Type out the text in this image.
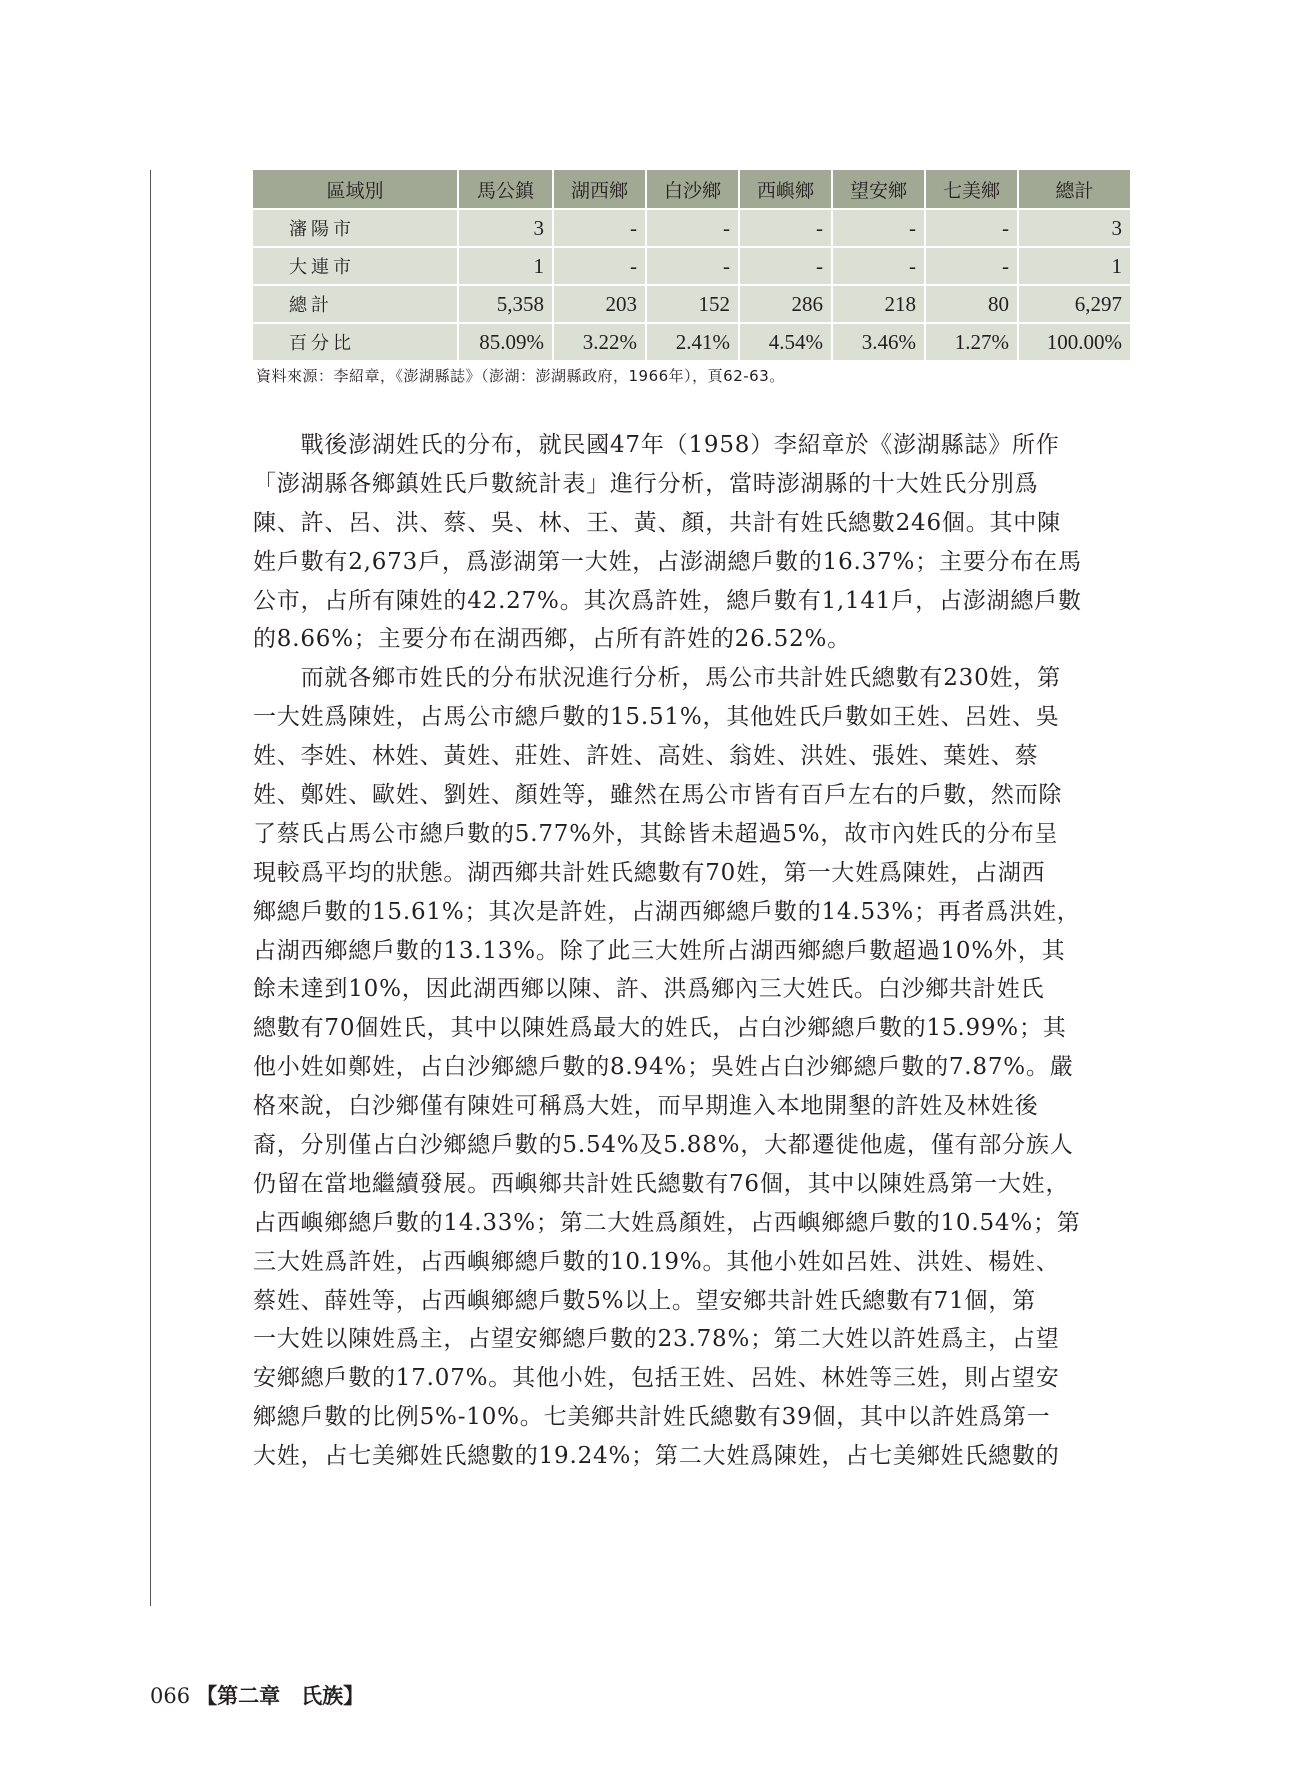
區域別	馬公鎮	湖西鄉	白沙鄉	西嶼鄉	望安鄉	七美鄉	總計
瀋陽市	3	-	-	-	-	-	3
大連市	1	-	-	-	-	-	1
總計	5,358	203	152	286	218	80	6,297
百分比	85.09%	3.22%	2.41%	4.54%	3.46%	1.27%	100.00%
資料來源：李紹章，《澎湖縣誌》（澎湖：澎湖縣政府，1966年），頁62-63。
　　戰後澎湖姓氏的分布，就民國47年（1958）李紹章於《澎湖縣誌》所作
「澎湖縣各鄉鎮姓氏戶數統計表」進行分析，當時澎湖縣的十大姓氏分別爲
陳、許、呂、洪、蔡、吳、林、王、黃、顏，共計有姓氏總數246個。其中陳
姓戶數有2,673戶，爲澎湖第一大姓，占澎湖總戶數的16.37%；主要分布在馬
公市，占所有陳姓的42.27%。其次爲許姓，總戶數有1,141戶，占澎湖總戶數
的8.66%；主要分布在湖西鄉，占所有許姓的26.52%。
　　而就各鄉市姓氏的分布狀況進行分析，馬公市共計姓氏總數有230姓，第
一大姓爲陳姓，占馬公市總戶數的15.51%，其他姓氏戶數如王姓、呂姓、吳
姓、李姓、林姓、黃姓、莊姓、許姓、高姓、翁姓、洪姓、張姓、葉姓、蔡
姓、鄭姓、歐姓、劉姓、顏姓等，雖然在馬公市皆有百戶左右的戶數，然而除
了蔡氏占馬公市總戶數的5.77%外，其餘皆未超過5%，故市內姓氏的分布呈
現較爲平均的狀態。湖西鄉共計姓氏總數有70姓，第一大姓爲陳姓，占湖西
鄉總戶數的15.61%；其次是許姓，占湖西鄉總戶數的14.53%；再者爲洪姓，
占湖西鄉總戶數的13.13%。除了此三大姓所占湖西鄉總戶數超過10%外，其
餘未達到10%，因此湖西鄉以陳、許、洪爲鄉內三大姓氏。白沙鄉共計姓氏
總數有70個姓氏，其中以陳姓爲最大的姓氏，占白沙鄉總戶數的15.99%；其
他小姓如鄭姓，占白沙鄉總戶數的8.94%；吳姓占白沙鄉總戶數的7.87%。嚴
格來說，白沙鄉僅有陳姓可稱爲大姓，而早期進入本地開墾的許姓及林姓後
裔，分別僅占白沙鄉總戶數的5.54%及5.88%，大都遷徙他處，僅有部分族人
仍留在當地繼續發展。西嶼鄉共計姓氏總數有76個，其中以陳姓爲第一大姓，
占西嶼鄉總戶數的14.33%；第二大姓爲顏姓，占西嶼鄉總戶數的10.54%；第
三大姓爲許姓，占西嶼鄉總戶數的10.19%。其他小姓如呂姓、洪姓、楊姓、
蔡姓、薛姓等，占西嶼鄉總戶數5%以上。望安鄉共計姓氏總數有71個，第
一大姓以陳姓爲主，占望安鄉總戶數的23.78%；第二大姓以許姓爲主，占望
安鄉總戶數的17.07%。其他小姓，包括王姓、呂姓、林姓等三姓，則占望安
鄉總戶數的比例5%-10%。七美鄉共計姓氏總數有39個，其中以許姓爲第一
大姓，占七美鄉姓氏總數的19.24%；第二大姓爲陳姓，占七美鄉姓氏總數的
066 【第二章　氏族】
